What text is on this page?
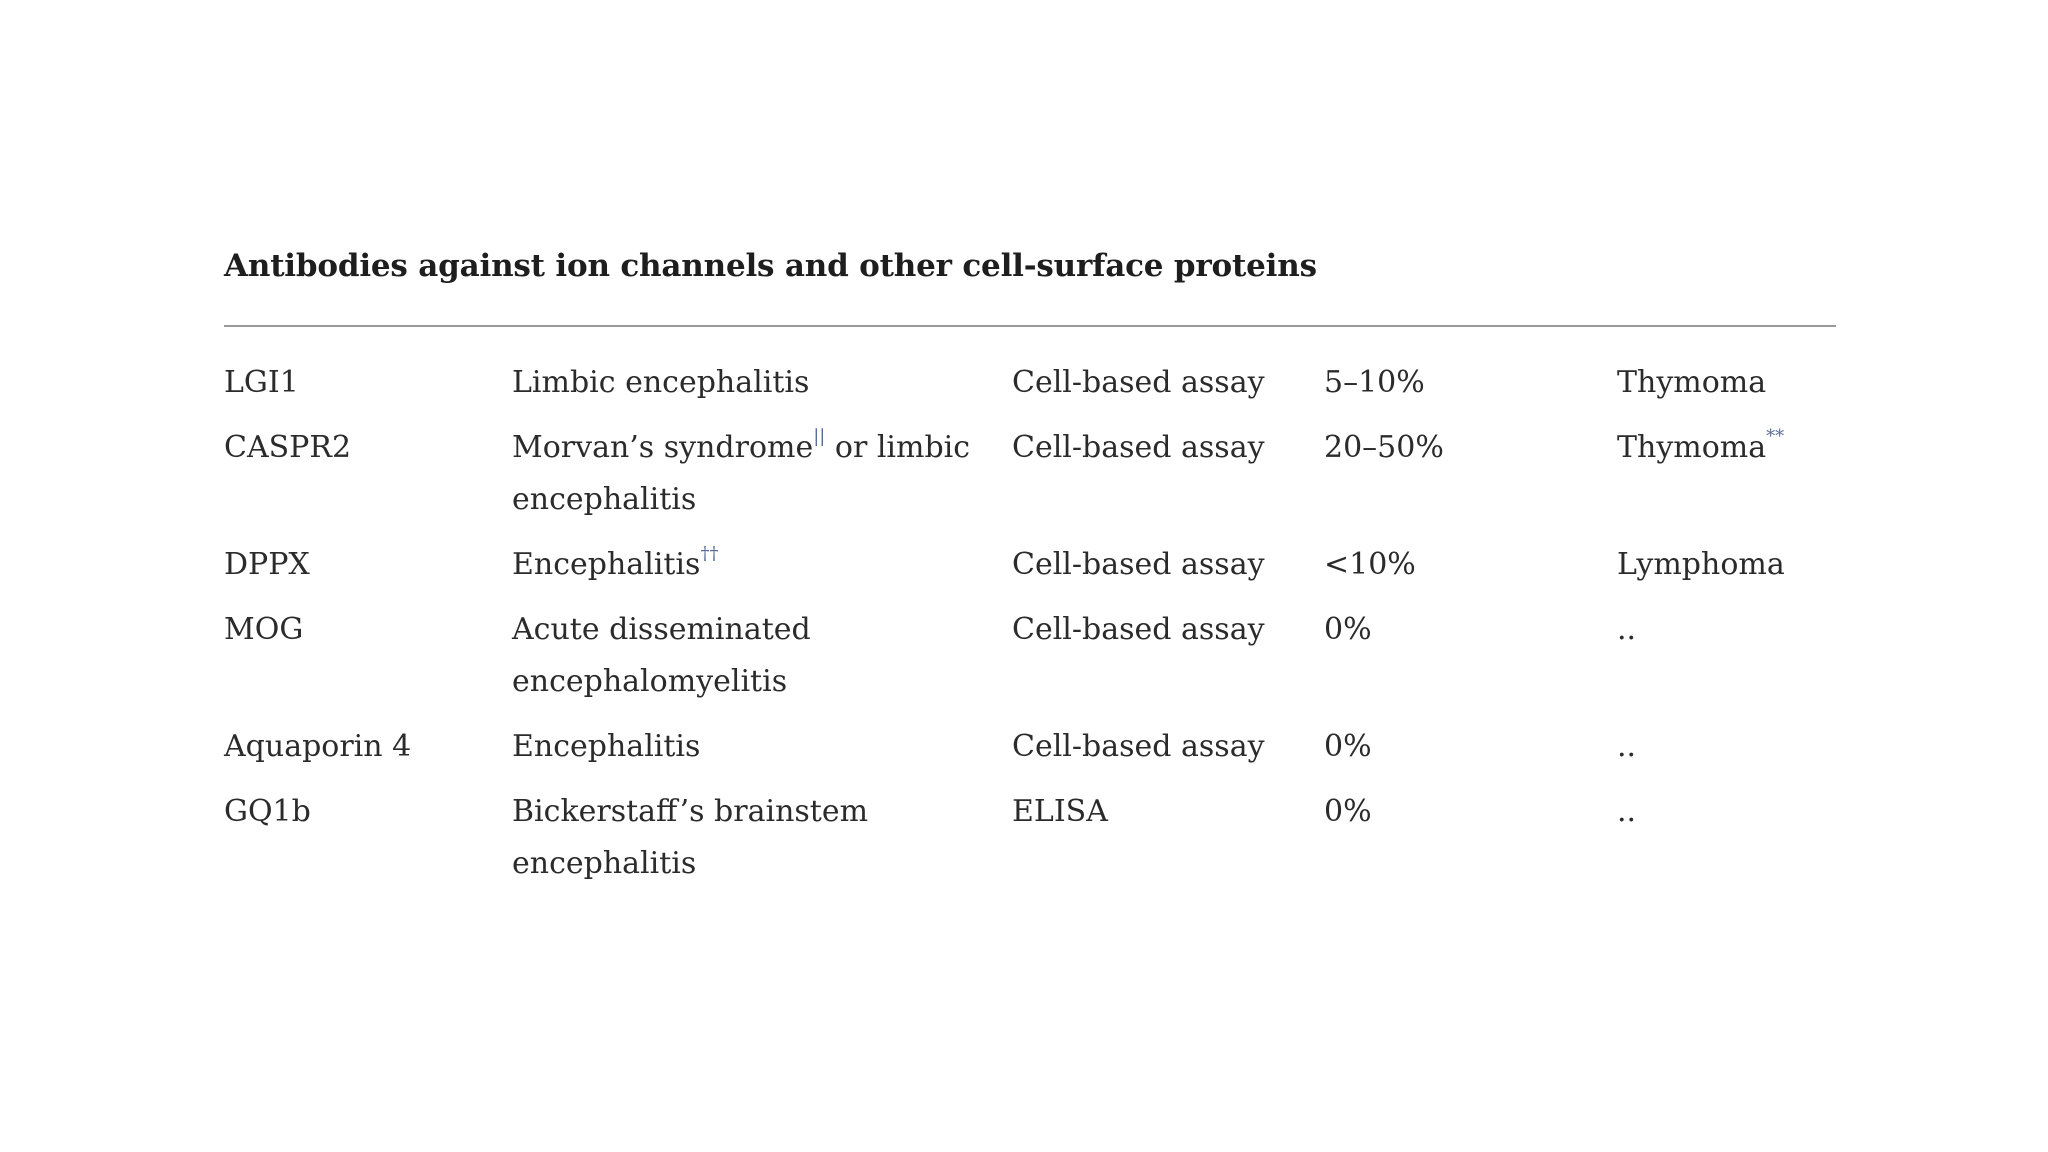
Antibodies against ion channels and other cell-surface proteins
LGI1	Limbic encephalitis	Cell-based assay	5–10%	Thymoma
CASPR2	Morvan’s syndrome|| or limbic encephalitis	Cell-based assay	20–50%	Thymoma**
DPPX	Encephalitis††	Cell-based assay	<10%	Lymphoma
MOG	Acute disseminated encephalomyelitis	Cell-based assay	0%	..
Aquaporin 4	Encephalitis	Cell-based assay	0%	..
GQ1b	Bickerstaff’s brainstem encephalitis	ELISA	0%	..
